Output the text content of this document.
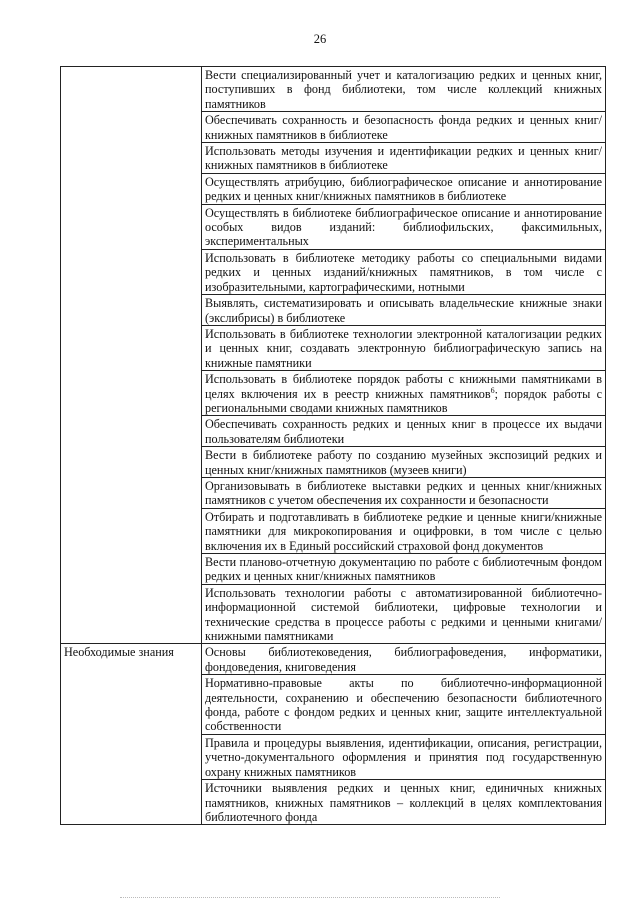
26
	Вести специализированный учет и каталогизацию редких и ценных книг, поступивших в фонд библиотеки, том числе коллекций книжных памятников
	Обеспечивать сохранность и безопасность фонда редких и ценных книг/книжных памятников в библиотеке
	Использовать методы изучения и идентификации редких и ценных книг/книжных памятников в библиотеке
	Осуществлять атрибуцию, библиографическое описание и аннотирование редких и ценных книг/книжных памятников в библиотеке
	Осуществлять в библиотеке библиографическое описание и аннотирование особых видов изданий: библиофильских, факсимильных, экспериментальных
	Использовать в библиотеке методику работы со специальными видами редких и ценных изданий/книжных памятников, в том числе с изобразительными, картографическими, нотными
	Выявлять, систематизировать и описывать владельческие книжные знаки (экслибрисы) в библиотеке
	Использовать в библиотеке технологии электронной каталогизации редких и ценных книг, создавать электронную библиографическую запись на книжные памятники
	Использовать в библиотеке порядок работы с книжными памятниками в целях включения их в реестр книжных памятников$^6$; порядок работы с региональными сводами книжных памятников
	Обеспечивать сохранность редких и ценных книг в процессе их выдачи пользователям библиотеки
	Вести в библиотеке работу по созданию музейных экспозиций редких и ценных книг/книжных памятников (музеев книги)
	Организовывать в библиотеке выставки редких и ценных книг/книжных памятников с учетом обеспечения их сохранности и безопасности
	Отбирать и подготавливать в библиотеке редкие и ценные книги/книжные памятники для микрокопирования и оцифровки, в том числе с целью включения их в Единый российский страховой фонд документов
	Вести планово-отчетную документацию по работе с библиотечным фондом редких и ценных книг/книжных памятников
	Использовать технологии работы с автоматизированной библиотечно-информационной системой библиотеки, цифровые технологии и технические средства в процессе работы с редкими и ценными книгами/книжными памятниками
Необходимые знания	Основы библиотековедения, библиографоведения, информатики, фондоведения, книговедения
	Нормативно-правовые акты по библиотечно-информационной деятельности, сохранению и обеспечению безопасности библиотечного фонда, работе с фондом редких и ценных книг, защите интеллектуальной собственности
	Правила и процедуры выявления, идентификации, описания, регистрации, учетно-документального оформления и принятия под государственную охрану книжных памятников
	Источники выявления редких и ценных книг, единичных книжных памятников, книжных памятников – коллекций в целях комплектования библиотечного фонда
